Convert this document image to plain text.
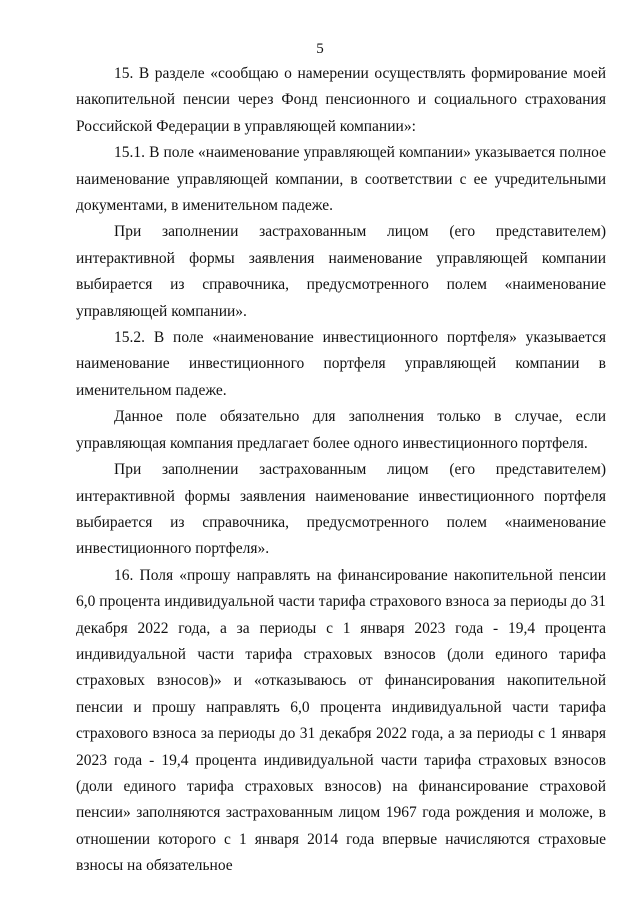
5

15. В разделе «сообщаю о намерении осуществлять формирование моей накопительной пенсии через Фонд пенсионного и социального страхования Российской Федерации в управляющей компании»:

15.1. В поле «наименование управляющей компании» указывается полное наименование управляющей компании, в соответствии с ее учредительными документами, в именительном падеже.

При заполнении застрахованным лицом (его представителем) интерактивной формы заявления наименование управляющей компании выбирается из справочника, предусмотренного полем «наименование управляющей компании».

15.2. В поле «наименование инвестиционного портфеля» указывается наименование инвестиционного портфеля управляющей компании в именительном падеже.

Данное поле обязательно для заполнения только в случае, если управляющая компания предлагает более одного инвестиционного портфеля.

При заполнении застрахованным лицом (его представителем) интерактивной формы заявления наименование инвестиционного портфеля выбирается из справочника, предусмотренного полем «наименование инвестиционного портфеля».

16. Поля «прошу направлять на финансирование накопительной пенсии 6,0 процента индивидуальной части тарифа страхового взноса за периоды до 31 декабря 2022 года, а за периоды с 1 января 2023 года - 19,4 процента индивидуальной части тарифа страховых взносов (доли единого тарифа страховых взносов)» и «отказываюсь от финансирования накопительной пенсии и прошу направлять 6,0 процента индивидуальной части тарифа страхового взноса за периоды до 31 декабря 2022 года, а за периоды с 1 января 2023 года - 19,4 процента индивидуальной части тарифа страховых взносов (доли единого тарифа страховых взносов) на финансирование страховой пенсии» заполняются застрахованным лицом 1967 года рождения и моложе, в отношении которого с 1 января 2014 года впервые начисляются страховые взносы на обязательное
